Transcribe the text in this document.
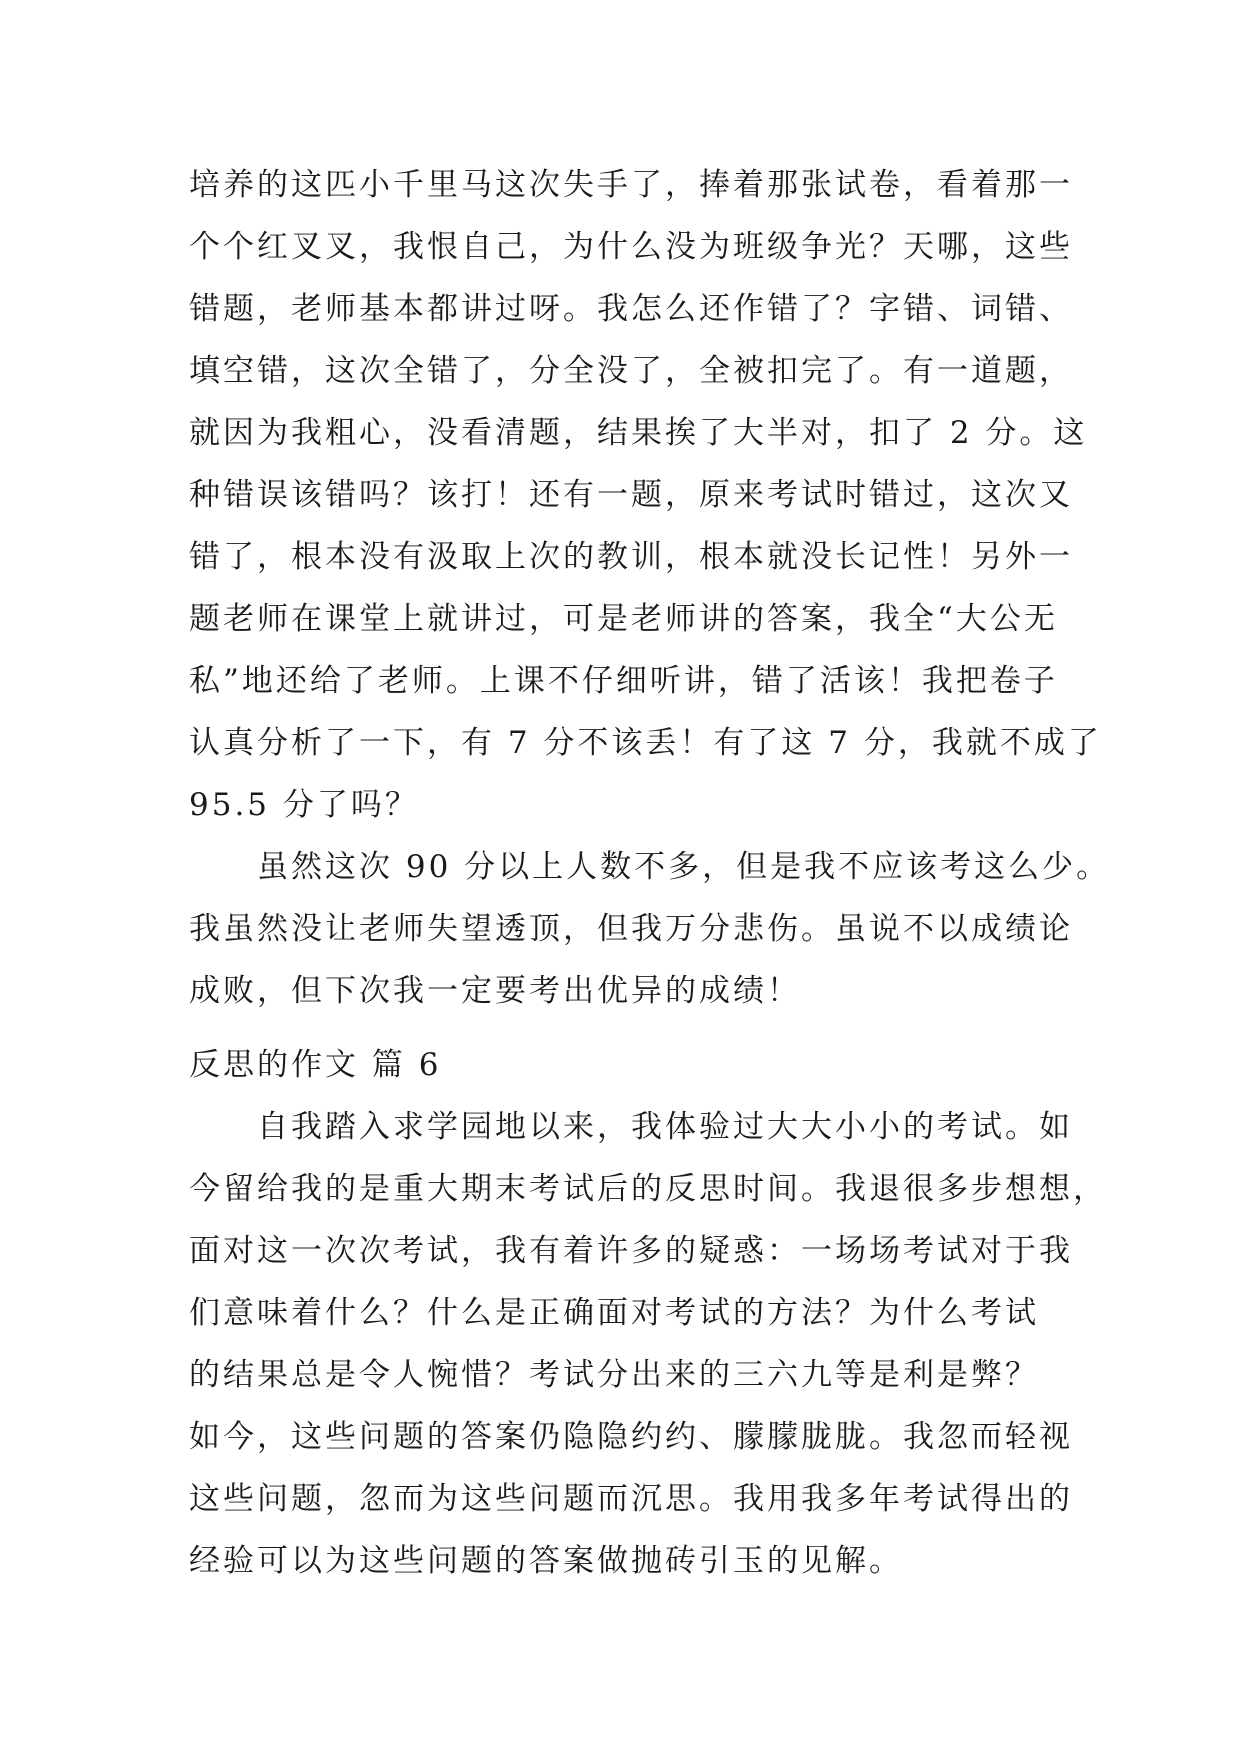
培养的这匹小千里马这次失手了，捧着那张试卷，看着那一
个个红叉叉，我恨自己，为什么没为班级争光？天哪，这些
错题，老师基本都讲过呀。我怎么还作错了？字错、词错、
填空错，这次全错了，分全没了，全被扣完了。有一道题，
就因为我粗心，没看清题，结果挨了大半对，扣了 2 分。这
种错误该错吗？该打！还有一题，原来考试时错过，这次又
错了，根本没有汲取上次的教训，根本就没长记性！另外一
题老师在课堂上就讲过，可是老师讲的答案，我全“大公无
私”地还给了老师。上课不仔细听讲，错了活该！我把卷子
认真分析了一下，有 7 分不该丢！有了这 7 分，我就不成了
95.5 分了吗？
虽然这次 90 分以上人数不多，但是我不应该考这么少。
我虽然没让老师失望透顶，但我万分悲伤。虽说不以成绩论
成败，但下次我一定要考出优异的成绩！
反思的作文 篇 6
自我踏入求学园地以来，我体验过大大小小的考试。如
今留给我的是重大期末考试后的反思时间。我退很多步想想，
面对这一次次考试，我有着许多的疑惑：一场场考试对于我
们意味着什么？什么是正确面对考试的方法？为什么考试
的结果总是令人惋惜？考试分出来的三六九等是利是弊？
如今，这些问题的答案仍隐隐约约、朦朦胧胧。我忽而轻视
这些问题，忽而为这些问题而沉思。我用我多年考试得出的
经验可以为这些问题的答案做抛砖引玉的见解。
